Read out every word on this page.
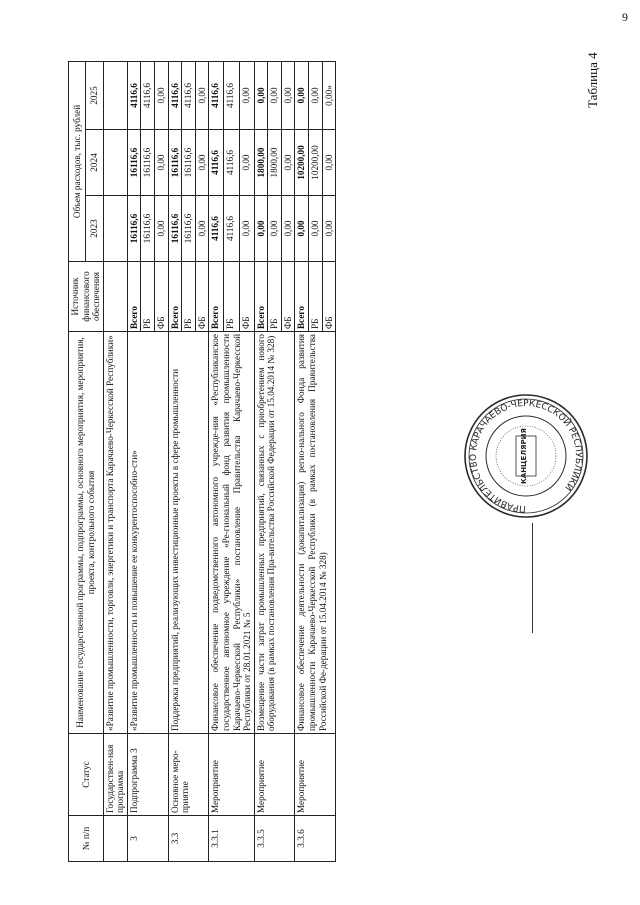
9
Таблица 4
№ п/п	Статус	Наименование государственной программы, подпрограммы, основного мероприятия, мероприятия, проекта, контрольного события	Источник финансового обеспечения	Объем расходов, тыс. рублей		
				2023	2024	2025
	Государствен-ная программа	«Развитие промышленности, торговли, энергетики и транспорта Карачаево-Черкесской Республики»				
3	Подпрограмма 3	«Развитие промышленности и повышение ее конкурентоспособно-сти»	Всего	16116,6	16116,6	4116,6
			РБ	16116,6	16116,6	4116,6
			ФБ	0,00	0,00	0,00
3.3	Основное меро-приятие	Поддержка предприятий, реализующих инвестиционные проекты в сфере промышленности	Всего	16116,6	16116,6	4116,6
			РБ	16116,6	16116,6	4116,6
			ФБ	0,00	0,00	0,00
3.3.1	Мероприятие	Финансовое обеспечение подведомственного автономного учрежде-ния «Республиканское государственное автономное учреждение «Ре-гиональный фонд развития промышленности Карачаево-Черкесской Республики» постановление Правительства Карачаево-Черкесской Республики от 28.01.2021 № 5	Всего	4116,6	4116,6	4116,6
			РБ	4116,6	4116,6	4116,6
			ФБ	0,00	0,00	0,00
3.3.5	Мероприятие	Возмещение части затрат промышленных предприятий, связанных с приобретением нового оборудования (в рамках постановления Пра-вительства Российской Федерации от 15.04.2014 № 328)	Всего	0,00	1800,00	0,00
			РБ	0,00	1800,00	0,00
			ФБ	0,00	0,00	0,00
3.3.6	Мероприятие	Финансовое обеспечение деятельности (докапитализация) регио-нального Фонда развития промышленности Карачаево-Черкесской Республики (в рамках постановления Правительства Российской Фе-дерации от 15.04.2014 № 328)	Всего	0,00	10200,00	0,00
			РБ	0,00	10200,00	0,00
			ФБ	0,00	0,00	0,00»
ПРАВИТЕЛЬСТВО КАРАЧАЕВО-ЧЕРКЕССКОЙ РЕСПУБЛИКИ
КАНЦЕЛЯРИЯ
